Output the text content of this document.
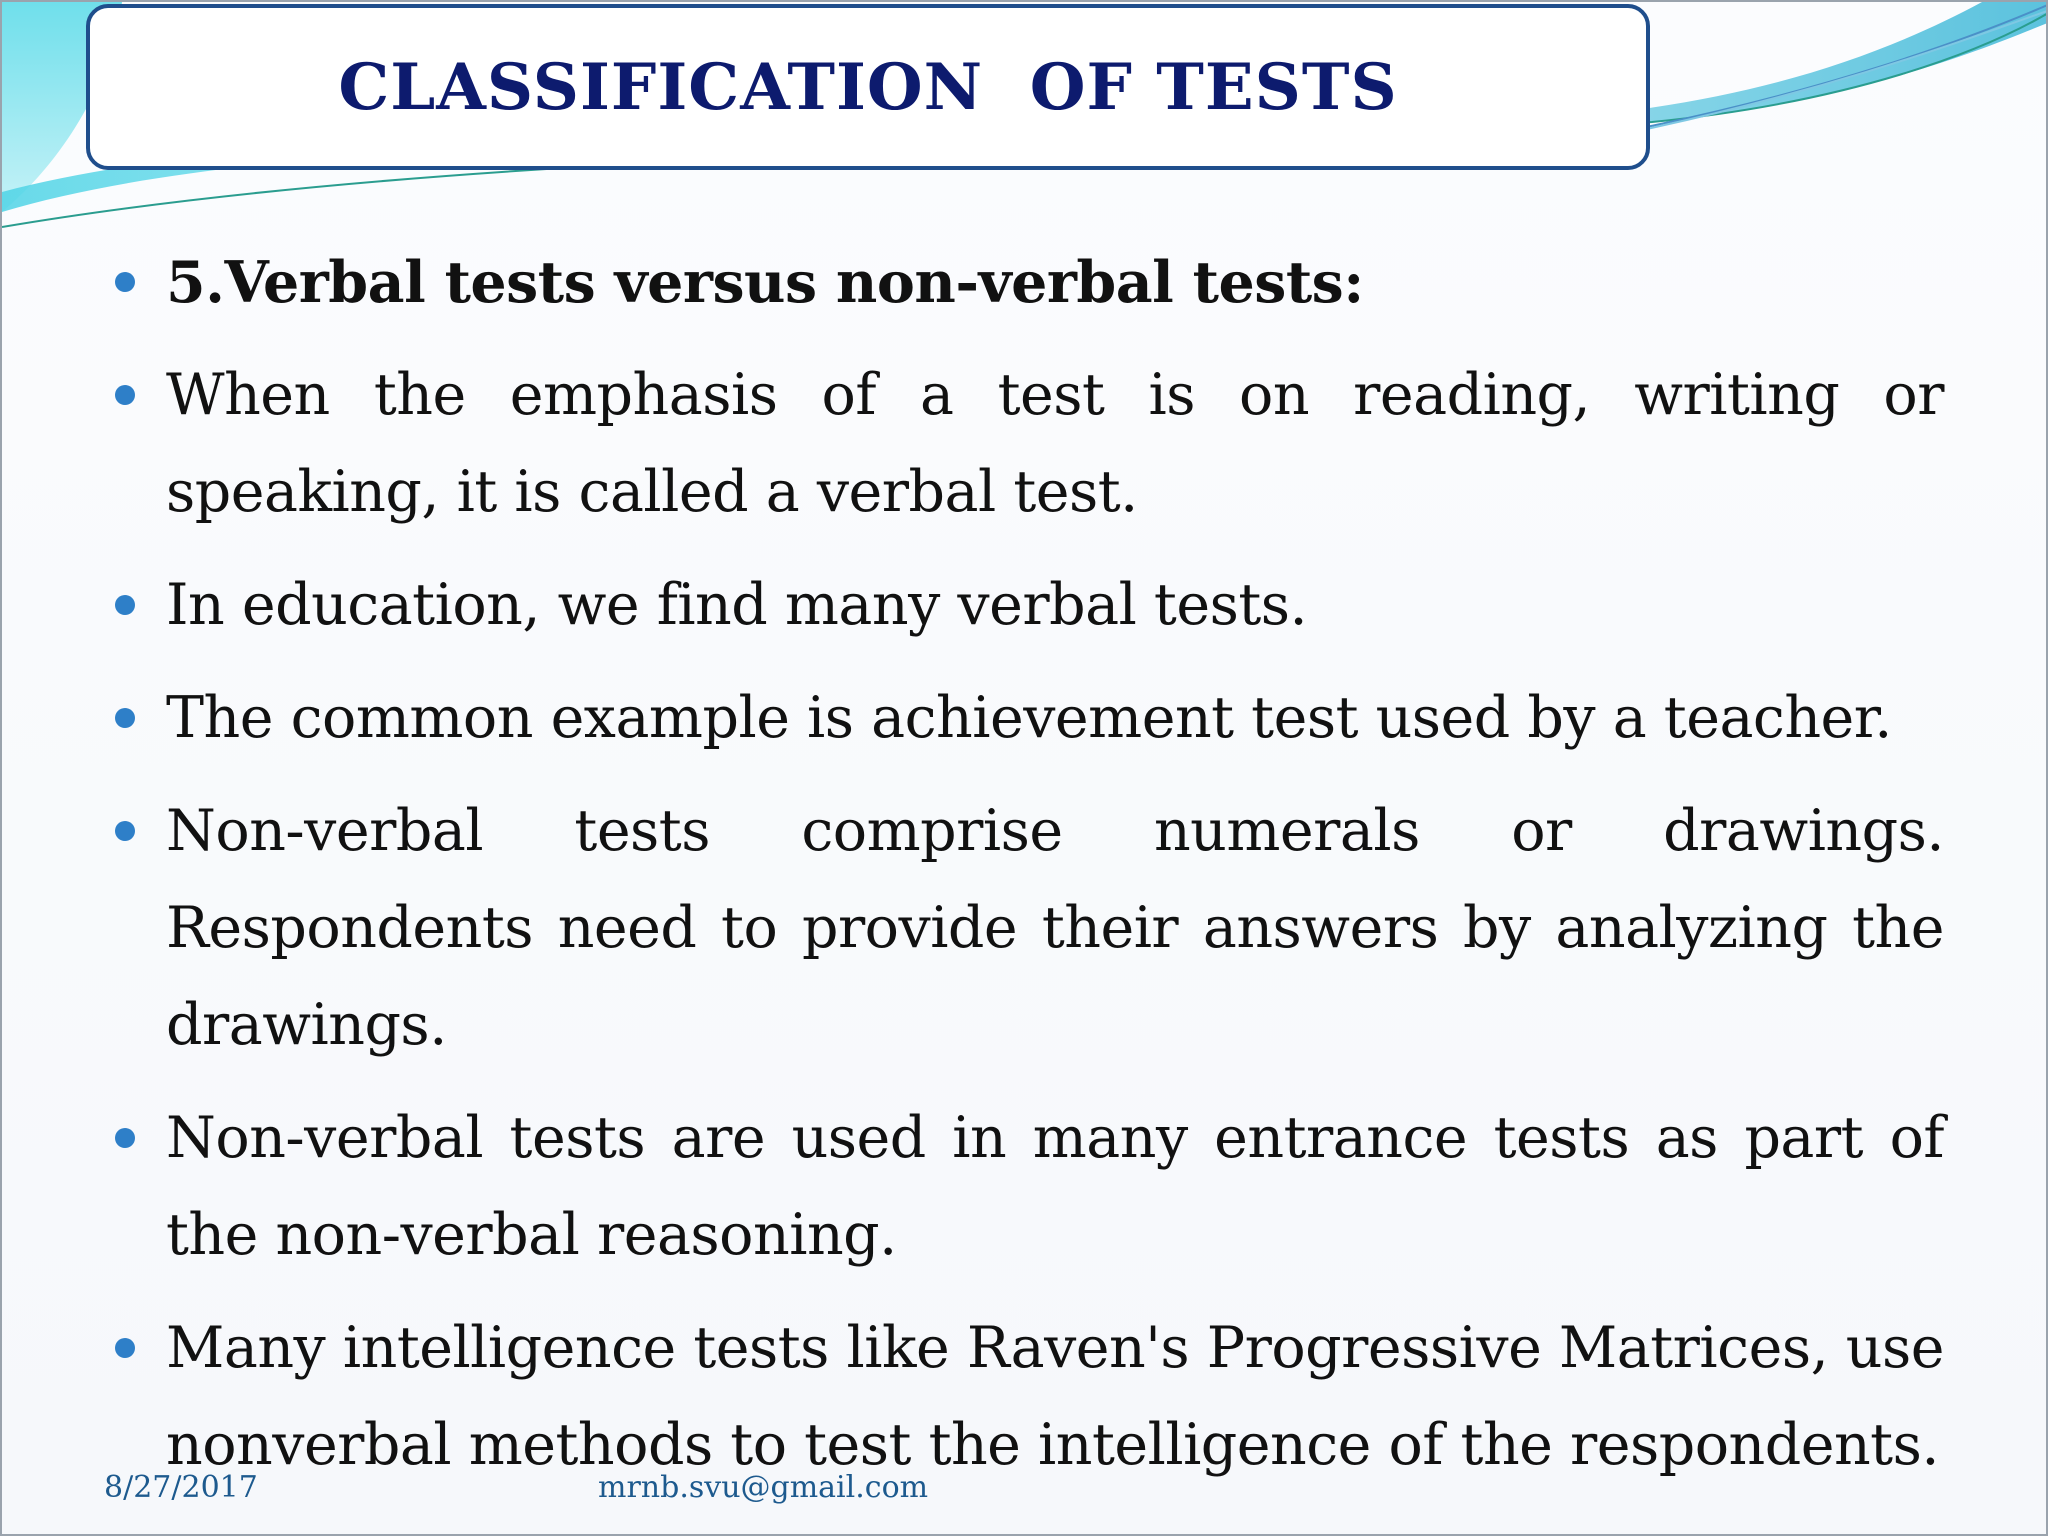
CLASSIFICATION  OF TESTS
5.Verbal tests versus non-verbal tests:
When the emphasis of a test is on reading, writing or speaking, it is called a verbal test.
In education, we find many verbal tests.
The common example is achievement test used by a teacher.
Non-verbal tests comprise numerals or drawings. Respondents need to provide their answers by analyzing the drawings.
Non-verbal tests are used in many entrance tests as part of the non-verbal reasoning.
Many intelligence tests like Raven's Progressive Matrices, use nonverbal methods to test the intelligence of the respondents.
8/27/2017	mrnb.svu@gmail.com
